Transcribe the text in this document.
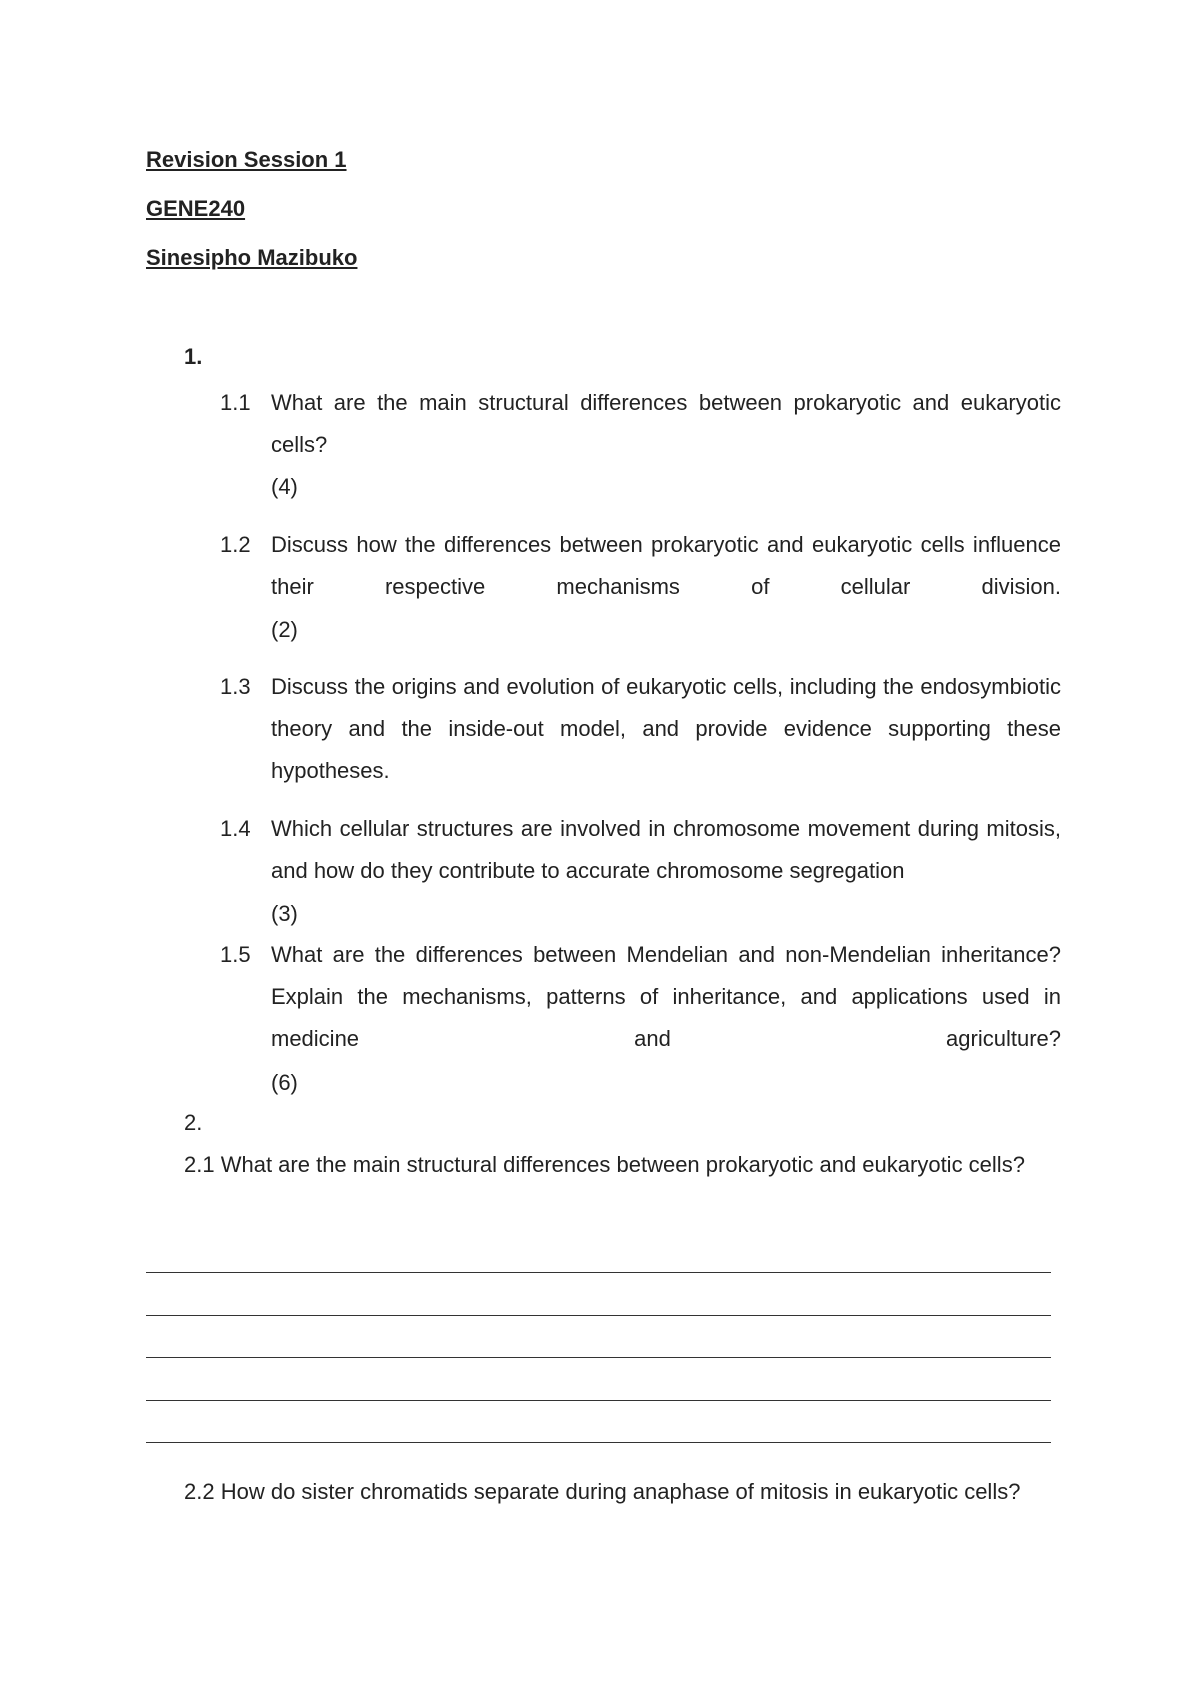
Revision Session 1
GENE240
Sinesipho Mazibuko
1.
1.1 What are the main structural differences between prokaryotic and eukaryotic cells?
(4)
1.2 Discuss how the differences between prokaryotic and eukaryotic cells influence their respective mechanisms of cellular division.
(2)
1.3 Discuss the origins and evolution of eukaryotic cells, including the endosymbiotic theory and the inside-out model, and provide evidence supporting these hypotheses.
1.4 Which cellular structures are involved in chromosome movement during mitosis, and how do they contribute to accurate chromosome segregation
(3)
1.5 What are the differences between Mendelian and non-Mendelian inheritance? Explain the mechanisms, patterns of inheritance, and applications used in medicine and agriculture?
(6)
2.
2.1 What are the main structural differences between prokaryotic and eukaryotic cells?
2.2 How do sister chromatids separate during anaphase of mitosis in eukaryotic cells?
